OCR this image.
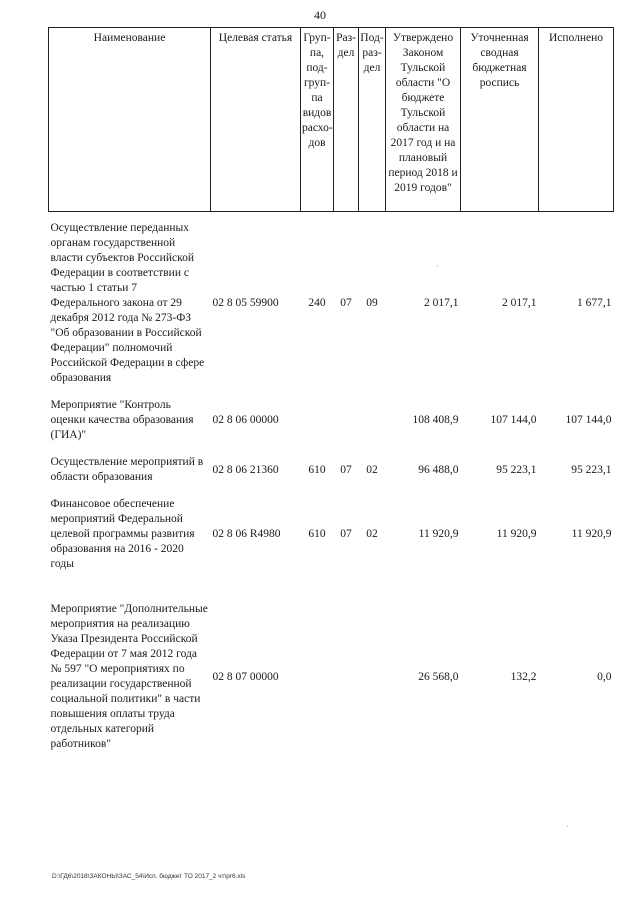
40
Наименование	Целевая статья	Груп-па, под-груп-па видов расхо-дов	Раз-дел	Под-раз-дел	Утверждено Законом Тульской области "О бюджете Тульской области на 2017 год и на плановый период 2018 и 2019 годов"	Уточненная сводная бюджетная роспись	Исполнено

Осуществление переданных органам государственной власти субъектов Российской Федерации в соответствии с частью 1 статьи 7 Федерального закона от 29 декабря 2012 года № 273-ФЗ "Об образовании в Российской Федерации" полномочий Российской Федерации в сфере образования	02 8 05 59900	240	07	09	2 017,1	2 017,1	1 677,1

Мероприятие "Контроль оценки качества образования (ГИА)"	02 8 06 00000				108 408,9	107 144,0	107 144,0

Осуществление мероприятий в области образования	02 8 06 21360	610	07	02	96 488,0	95 223,1	95 223,1

Финансовое обеспечение мероприятий Федеральной целевой программы развития образования на 2016 - 2020 годы	02 8 06 R4980	610	07	02	11 920,9	11 920,9	11 920,9

Мероприятие "Дополнительные мероприятия на реализацию Указа Президента Российской Федерации от 7 мая 2012 года № 597 "О мероприятиях по реализации государственной социальной политики" в части повышения оплаты труда отдельных категорий работников"	02 8 07 00000				26 568,0	132,2	0,0
·
·
D:\ГД6\2018\ЗАКОНЫ\ЗАС_54\Исп. бюджет ТО 2017_2 чт\pr6.xls
